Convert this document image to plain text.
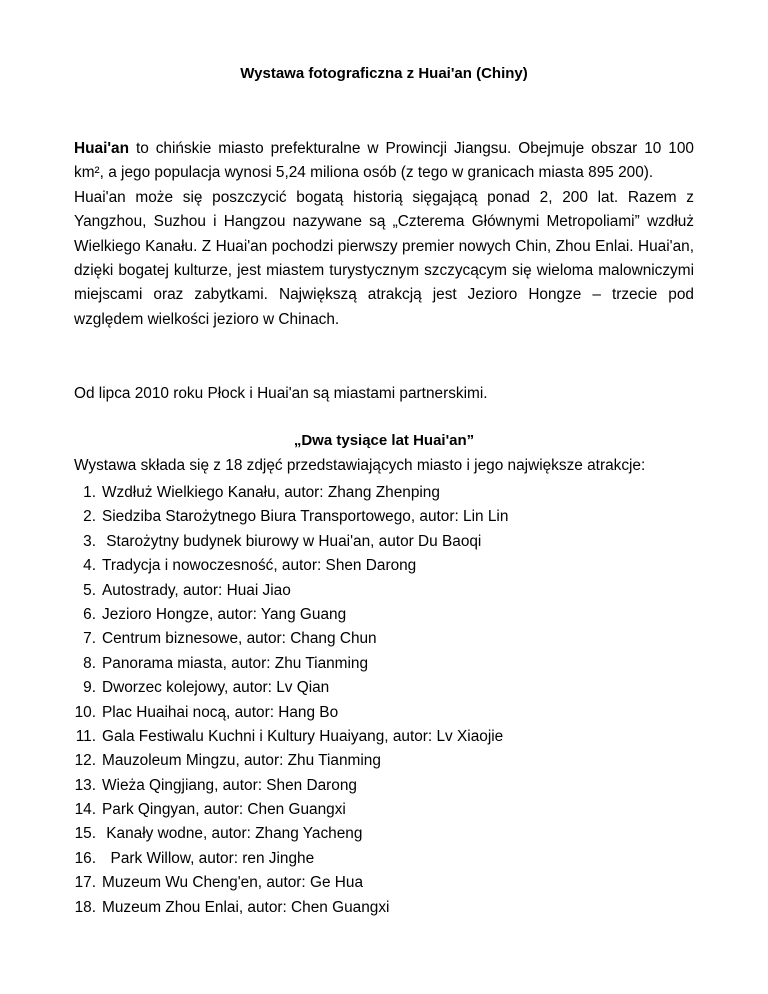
Wystawa fotograficzna z Huai'an (Chiny)

Huai'an to chińskie miasto prefekturalne w Prowincji Jiangsu. Obejmuje obszar 10 100 km², a jego populacja wynosi 5,24 miliona osób (z tego w granicach miasta 895 200).

Huai'an może się poszczycić bogatą historią sięgającą ponad 2, 200 lat. Razem z Yangzhou, Suzhou i Hangzou nazywane są „Czterema Głównymi Metropoliami” wzdłuż Wielkiego Kanału. Z Huai'an pochodzi pierwszy premier nowych Chin, Zhou Enlai. Huai'an, dzięki bogatej kulturze, jest miastem turystycznym szczycącym się wieloma malowniczymi miejscami oraz zabytkami. Największą atrakcją jest Jezioro Hongze – trzecie pod względem wielkości jezioro w Chinach.

Od lipca 2010 roku Płock i Huai'an są miastami partnerskimi.
„Dwa tysiące lat Huai'an”
Wystawa składa się z 18 zdjęć przedstawiających miasto i jego największe atrakcje:
1. Wzdłuż Wielkiego Kanału, autor: Zhang Zhenping
2. Siedziba Starożytnego Biura Transportowego, autor: Lin Lin
3. Starożytny budynek biurowy w Huai'an, autor Du Baoqi
4. Tradycja i nowoczesność, autor: Shen Darong
5. Autostrady, autor: Huai Jiao
6. Jezioro Hongze, autor: Yang Guang
7. Centrum biznesowe, autor: Chang Chun
8. Panorama miasta, autor: Zhu Tianming
9. Dworzec kolejowy, autor: Lv Qian
10. Plac Huaihai nocą, autor: Hang Bo
11. Gala Festiwalu Kuchni i Kultury Huaiyang, autor: Lv Xiaojie
12. Mauzoleum Mingzu, autor: Zhu Tianming
13. Wieża Qingjiang, autor: Shen Darong
14. Park Qingyan, autor: Chen Guangxi
15. Kanały wodne, autor: Zhang Yacheng
16.  Park Willow, autor: ren Jinghe
17. Muzeum Wu Cheng'en, autor: Ge Hua
18. Muzeum Zhou Enlai, autor: Chen Guangxi
